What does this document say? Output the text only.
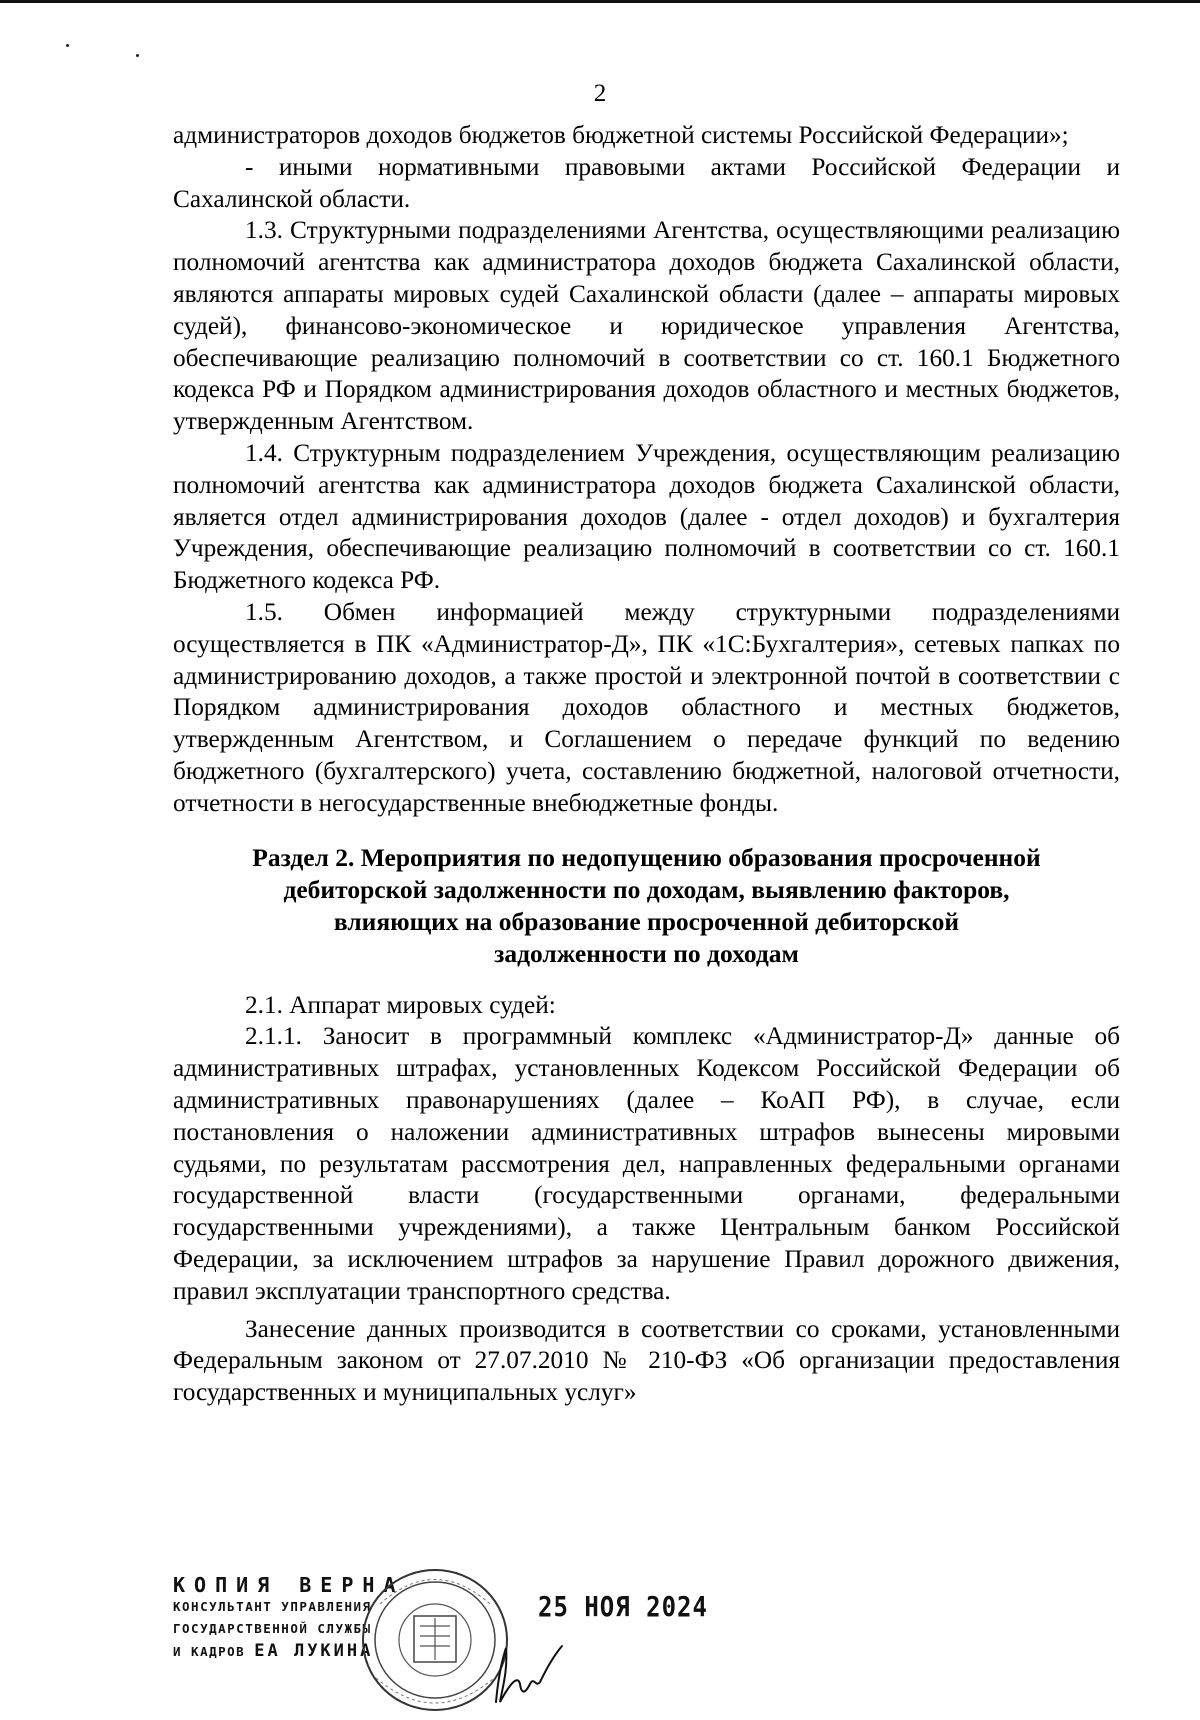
2

администраторов доходов бюджетов бюджетной системы Российской Федерации»;

- иными нормативными правовыми актами Российской Федерации и Сахалинской области.

1.3. Структурными подразделениями Агентства, осуществляющими реализацию полномочий агентства как администратора доходов бюджета Сахалинской области, являются аппараты мировых судей Сахалинской области (далее – аппараты мировых судей), финансово-экономическое и юридическое управления Агентства, обеспечивающие реализацию полномочий в соответствии со ст. 160.1 Бюджетного кодекса РФ и Порядком администрирования доходов областного и местных бюджетов, утвержденным Агентством.

1.4. Структурным подразделением Учреждения, осуществляющим реализацию полномочий агентства как администратора доходов бюджета Сахалинской области, является отдел администрирования доходов (далее - отдел доходов) и бухгалтерия Учреждения, обеспечивающие реализацию полномочий в соответствии со ст. 160.1 Бюджетного кодекса РФ.

1.5. Обмен информацией между структурными подразделениями осуществляется в ПК «Администратор-Д», ПК «1С:Бухгалтерия», сетевых папках по администрированию доходов, а также простой и электронной почтой в соответствии с Порядком администрирования доходов областного и местных бюджетов, утвержденным Агентством, и Соглашением о передаче функций по ведению бюджетного (бухгалтерского) учета, составлению бюджетной, налоговой отчетности, отчетности в негосударственные внебюджетные фонды.

Раздел 2. Мероприятия по недопущению образования просроченной
дебиторской задолженности по доходам, выявлению факторов,
влияющих на образование просроченной дебиторской
задолженности по доходам

2.1. Аппарат мировых судей:

2.1.1. Заносит в программный комплекс «Администратор-Д» данные об административных штрафах, установленных Кодексом Российской Федерации об административных правонарушениях (далее – КоАП РФ), в случае, если постановления о наложении административных штрафов вынесены мировыми судьями, по результатам рассмотрения дел, направленных федеральными органами государственной власти (государственными органами, федеральными государственными учреждениями), а также Центральным банком Российской Федерации, за исключением штрафов за нарушение Правил дорожного движения, правил эксплуатации транспортного средства.

Занесение данных производится в соответствии со сроками, установленными Федеральным законом от 27.07.2010 № 210-ФЗ «Об организации предоставления государственных и муниципальных услуг»

КОПИЯ ВЕРНА
КОНСУЛЬТАНТ УПРАВЛЕНИЯ
ГОСУДАРСТВЕННОЙ СЛУЖБЫ
И КАДРОВ ЕА ЛУКИНА
25 НОЯ 2024
